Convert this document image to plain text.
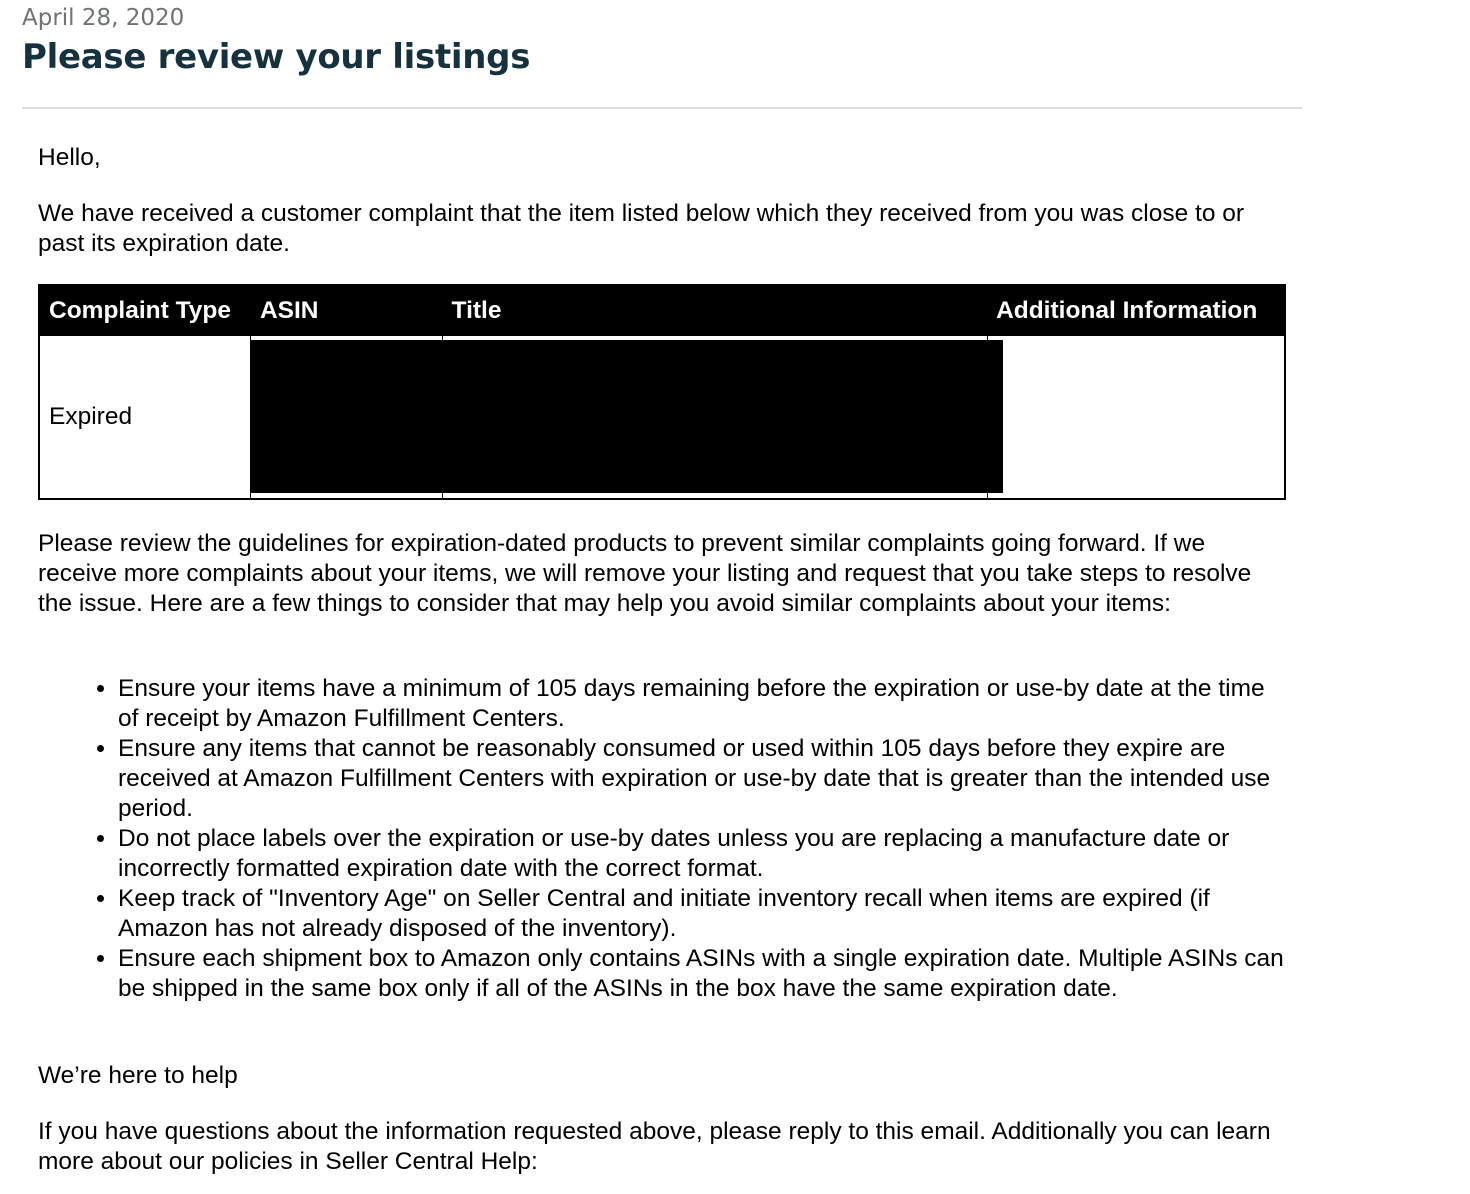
April 28, 2020
Please review your listings

Hello,

We have received a customer complaint that the item listed below which they received from you was close to or past its expiration date.

Complaint Type	ASIN	Title	Additional Information
Expired			

Please review the guidelines for expiration-dated products to prevent similar complaints going forward. If we receive more complaints about your items, we will remove your listing and request that you take steps to resolve the issue. Here are a few things to consider that may help you avoid similar complaints about your items:

• Ensure your items have a minimum of 105 days remaining before the expiration or use-by date at the time of receipt by Amazon Fulfillment Centers.
• Ensure any items that cannot be reasonably consumed or used within 105 days before they expire are received at Amazon Fulfillment Centers with expiration or use-by date that is greater than the intended use period.
• Do not place labels over the expiration or use-by dates unless you are replacing a manufacture date or incorrectly formatted expiration date with the correct format.
• Keep track of "Inventory Age" on Seller Central and initiate inventory recall when items are expired (if Amazon has not already disposed of the inventory).
• Ensure each shipment box to Amazon only contains ASINs with a single expiration date. Multiple ASINs can be shipped in the same box only if all of the ASINs in the box have the same expiration date.

We’re here to help

If you have questions about the information requested above, please reply to this email. Additionally you can learn more about our policies in Seller Central Help:
